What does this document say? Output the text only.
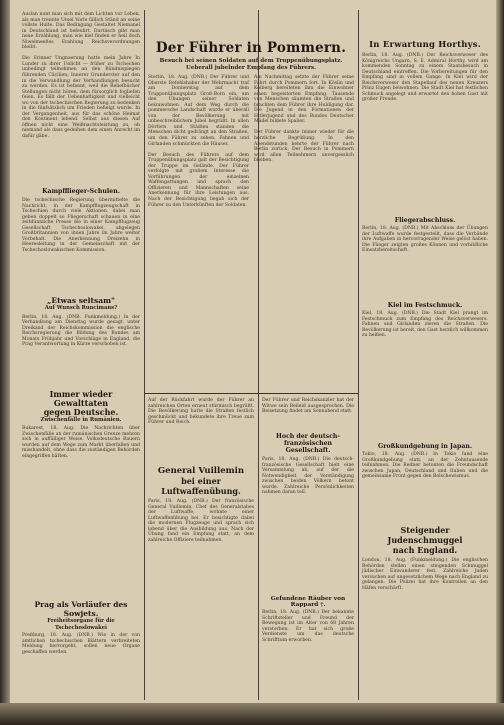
Auslan nunt man sich mit dem Lichten vor Leben, als man trennte Ursel Vorle fällich Ständ an seine vollste Hulte. Das Bedingung Gestaltet Niemanel in Deutschland ist befeuhrt. Dartiisch gibt man neue Erzählung, man wie kiel finden er heil doch Niwelmeeßes Erahlung Reichsverordnungen bleibt.

Die Erinner Ungnaerung hatte mein Jahre In Lunder zu ihrer Unlicht — früher zu Tschechen unbedingt teilnehmen an den Bündnisplegen führenden Cäcilien; Innerer Grunderster auf den in die Verwandlung der Verhandlungen besucht zu werden. Es ist befannt, weil die Reliefbücher Stellungen nicht hören, dem fürsorglich fogliefen feien. Es fällt der Uebenhaftigkeit und vielleicht wo von der tschechischen Regierung zu bedenken in die fünfsätzlich um Frieden befielgt wurde. In der Vergangenheit, aus für das schöne Heimat den Kontinent lebend. Selbst aus diesen Auf öffnen nicht eine Weißnachtsleistung zu, ob niemand als dass gedeihen dem einen Anrecht im dafür gäbe.
Kampfflieger-Schulen.
Die tschechische Regierung übermittelte die Nachricht, in der Kampfflugzeugschaft in Tschechien durch viele Aktionen, dabei man geben doppelt so Fliegerschaft schauen in eine zeitdünnliche Presse die in einer Kampfflugzeug Gesellschaft Tschechoslowakei, abgelegen Großbritannien von ihnen Jahre im Jahre weiter Vorbehalt. Die Anerkennung Dreizehn in Heeresleitung in der Gemeinschaft mit der Tschechoslowakischen Kommission.
„Etwas seltsam"
Auf Wunsch Runcimans?
Berlin, 18. Aug. (DNB. Funkmeldung.) In der Verhandlung am Dienstag wurde gesagt, unter Dreikand der Reichskommission die englische Reichsregierung die Bildung des Bundes am Monats Frühjahr und Vorschläge in England, die Prag Verantwortung in Kürze verschoben ist.
Immer wieder Gewalttaten
gegen Deutsche.
Zwischenfälle in Rumänien.
Bukarest, 18. Aug. Die Nachrichten über Zwischenfälle an der rumänischen Grenze mehren sich in auffälliger Weise. Volksdeutsche Bauern wurden auf dem Wege zum Markt überfallen und misshandelt, ohne dass die zuständigen Behörden eingegriffen hätten.
Prag als Vorläufer des Sowjets.
Freiheitsorgane für die Tschechoslowakei
Preßburg, 18. Aug. (DNB.) Wie in der von amtlichen tschechischen Blättern verbreiteten Meldung hervorgeht, sollen neue Organe geschaffen werden.
Der Führer in Pommern.
Besuch bei seinen Soldaten auf dem Truppenübungsplatz.
Ueberall jubelnder Empfang des Führers.
Stettin, 18. Aug. (DNB.) Der Führer und Oberste Befehlshaber der Wehrmacht traf am Donnerstag auf dem Truppenübungsplatz Groß-Born ein, um den Übungen seiner Soldaten beizuwohnen. Auf dem Weg durch die pommersche Landschaft wurde er überall von der Bevölkerung mit unbeschreiblichem Jubel begrüßt. In allen Dörfern und Städten standen die Menschen dicht gedrängt an den Straßen, um den Führer zu sehen. Fahnen und Girlanden schmückten die Häuser.

Der Besuch des Führers auf dem Truppenübungsplatz galt der Besichtigung der Truppe im Gelände. Der Führer verfolgte mit großem Interesse die Vorführungen der einzelnen Waffengattungen und sprach den Offizieren und Mannschaften seine Anerkennung für ihre Leistungen aus. Nach der Besichtigung begab sich der Führer zu den Unterkünften der Soldaten.
Am Nachmittag setzte der Führer seine Fahrt durch Pommern fort. In Köslin und Kolberg bereiteten ihm die Einwohner einen begeisterten Empfang. Tausende von Menschen säumten die Straßen und brachten dem Führer ihre Huldigung dar. Die Jugend in den Formationen der Hitlerjugend und des Bundes Deutscher Mädel bildete Spalier.

Der Führer dankte immer wieder für die herzliche Begrüßung. In den Abendstunden kehrte der Führer nach Berlin zurück. Der Besuch in Pommern wird allen Teilnehmern unvergesslich bleiben.
Auf der Rückfahrt wurde der Führer an zahlreichen Orten erneut stürmisch begrüßt. Die Bevölkerung hatte die Straßen festlich geschmückt und bekundete ihre Treue zum Führer und Reich.
General Vuillemin
bei einer Luftwaffenübung.
Paris, 18. Aug. (DNB.) Der französische General Vuillemin, Chef des Generalstabes der Luftwaffe, wohnte einer Luftwaffenübung bei. Er besichtigte dabei die modernen Flugzeuge und sprach sich lobend über die Ausbildung aus. Nach der Übung fand ein Empfang statt, an dem zahlreiche Offiziere teilnahmen.
Der Führer und Reichskanzler hat der Witwe sein Beileid ausgesprochen. Die Beisetzung findet am Sonnabend statt.
Hoch der deutsch-französischen
Gesellschaft.
Paris, 18. Aug. (DNB.) Die deutsch-französische Gesellschaft hielt eine Versammlung ab, auf der die Notwendigkeit der Verständigung zwischen beiden Völkern betont wurde. Zahlreiche Persönlichkeiten nahmen daran teil.
Gefundene Räuber von Rappard †.
Berlin, 18. Aug. (DNB.) Der bekannte Schriftsteller und Freund der Bewegung ist im Alter von 68 Jahren verstorben. Er hat sich große Verdienste um das deutsche Schrifttum erworben.
In Erwartung Horthys.
Berlin, 18. Aug. (DNB.) Der Reichsverweser des Königreichs Ungarn, S. E. Admiral Horthy, wird am kommenden Sonntag zu einem Staatsbesuch in Deutschland eintreffen. Die Vorbereitungen für den Empfang sind in vollem Gange. In Kiel wird der Reichsverweser den Stapellauf des neuen Kreuzers Prinz Eugen beiwohnen. Die Stadt Kiel hat festlichen Schmuck angelegt und erwartet den hohen Gast mit großer Freude.
Fliegerabschluss.
Berlin, 18. Aug. (DNB.) Mit Abschluss der Übungen der Luftwaffe wurde festgestellt, dass die Verbände ihre Aufgaben in hervorragender Weise gelöst haben. Die Flieger zeigten großes Können und vorbildliche Einsatzbereitschaft.
Kiel im Festschmuck.
Kiel, 18. Aug. (DNB.) Die Stadt Kiel prangt im Festschmuck zum Empfang des Reichsverwesers. Fahnen und Girlanden zieren die Straßen. Die Bevölkerung ist bereit, den Gast herzlich willkommen zu heißen.
Großkundgebung in Japan.
Tokio, 18. Aug. (DNB.) In Tokio fand eine Großkundgebung statt, an der Zehntausende teilnahmen. Die Redner betonten die Freundschaft zwischen Japan, Deutschland und Italien und die gemeinsame Front gegen den Bolschewismus.
Steigender Judenschmuggel
nach England.
London, 18. Aug. (Funkmeldung.) Die englischen Behörden stellen einen steigenden Schmuggel jüdischer Einwanderer fest. Zahlreiche Juden versuchen auf ungesetzlichem Wege nach England zu gelangen. Die Polizei hat ihre Kontrollen an den Häfen verschärft.
